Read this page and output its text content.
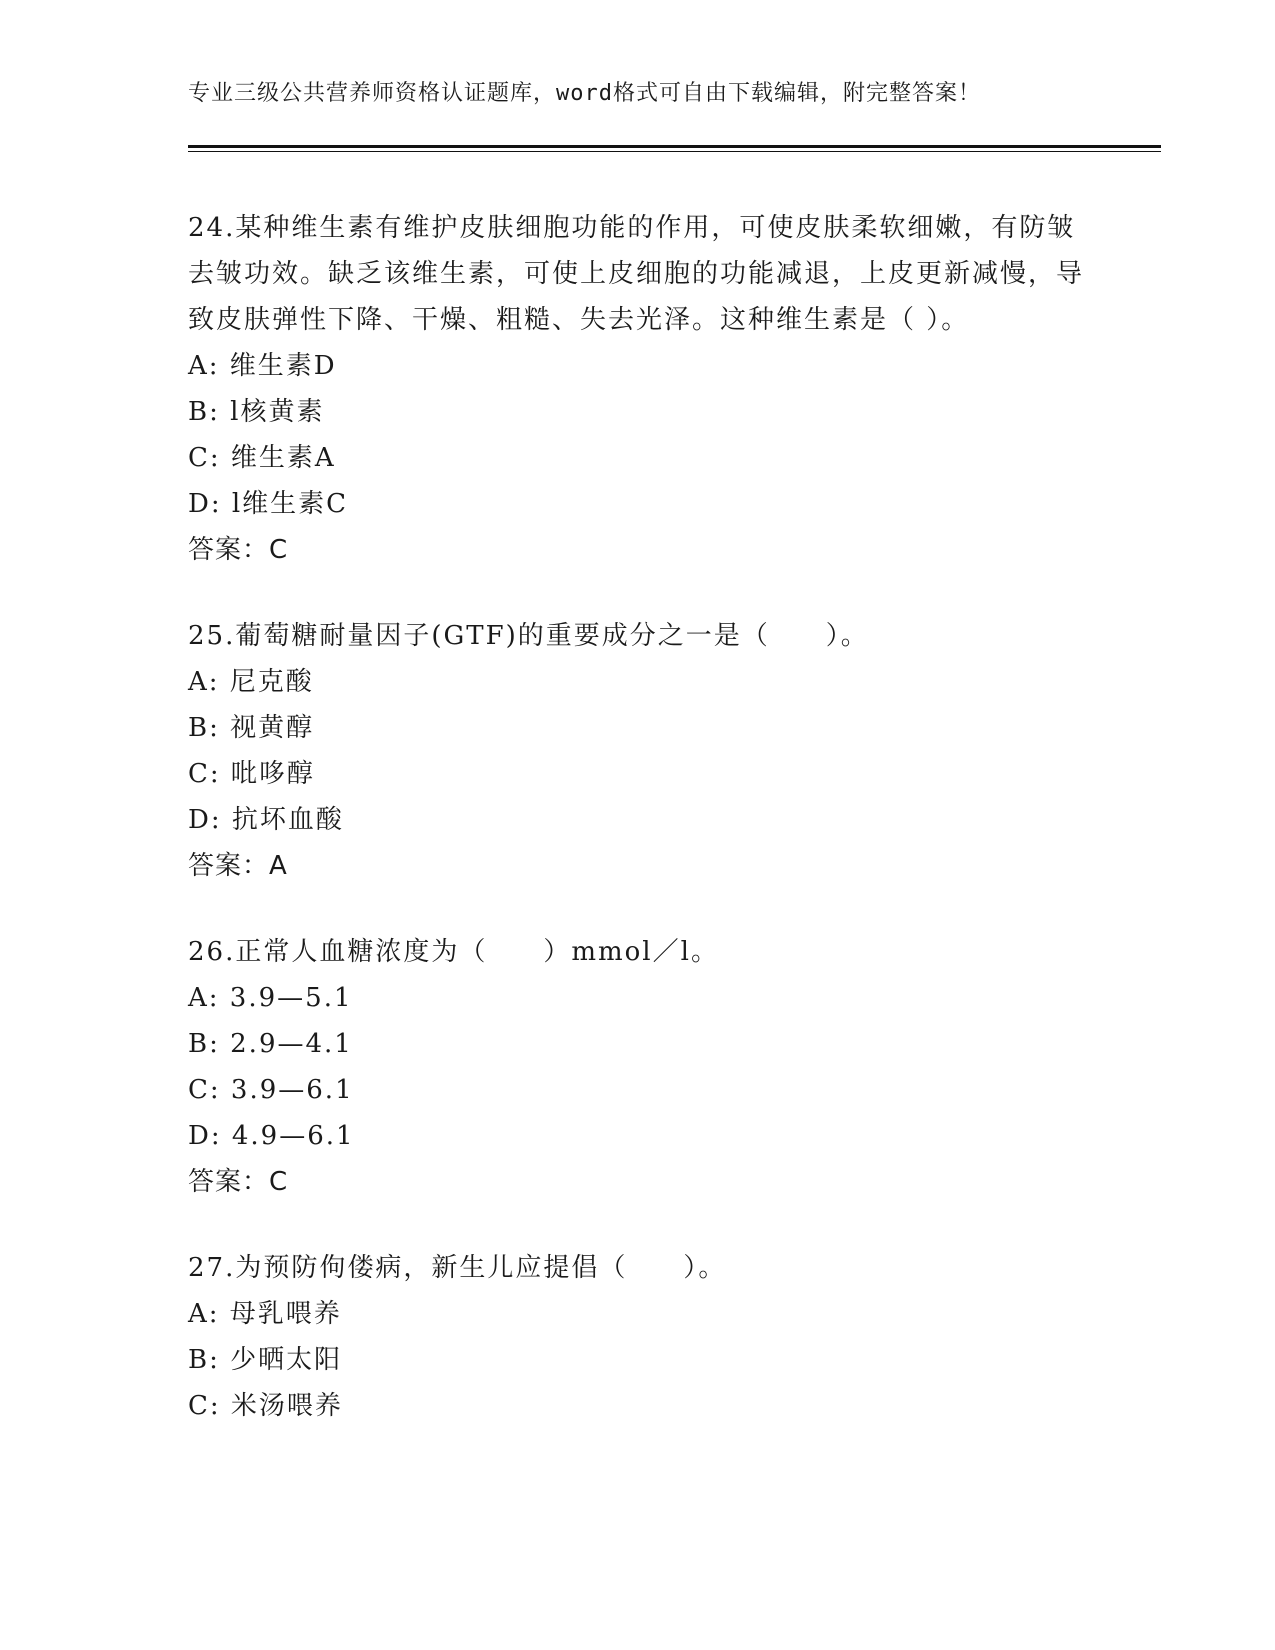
专业三级公共营养师资格认证题库，word格式可自由下载编辑，附完整答案！

24.某种维生素有维护皮肤细胞功能的作用，可使皮肤柔软细嫩，有防皱去皱功效。缺乏该维生素，可使上皮细胞的功能减退，上皮更新减慢，导致皮肤弹性下降、干燥、粗糙、失去光泽。这种维生素是（ ）。

A: 维生素D

B: l核黄素

C: 维生素A

D: l维生素C

答案：C

25.葡萄糖耐量因子(GTF)的重要成分之一是（　　）。

A: 尼克酸

B: 视黄醇

C: 吡哆醇

D: 抗坏血酸

答案：A

26.正常人血糖浓度为（　　）mmol／l。

A: 3.9—5.1

B: 2.9—4.1

C: 3.9—6.1

D: 4.9—6.1

答案：C

27.为预防佝偻病，新生儿应提倡（　　）。

A: 母乳喂养

B: 少晒太阳

C: 米汤喂养
